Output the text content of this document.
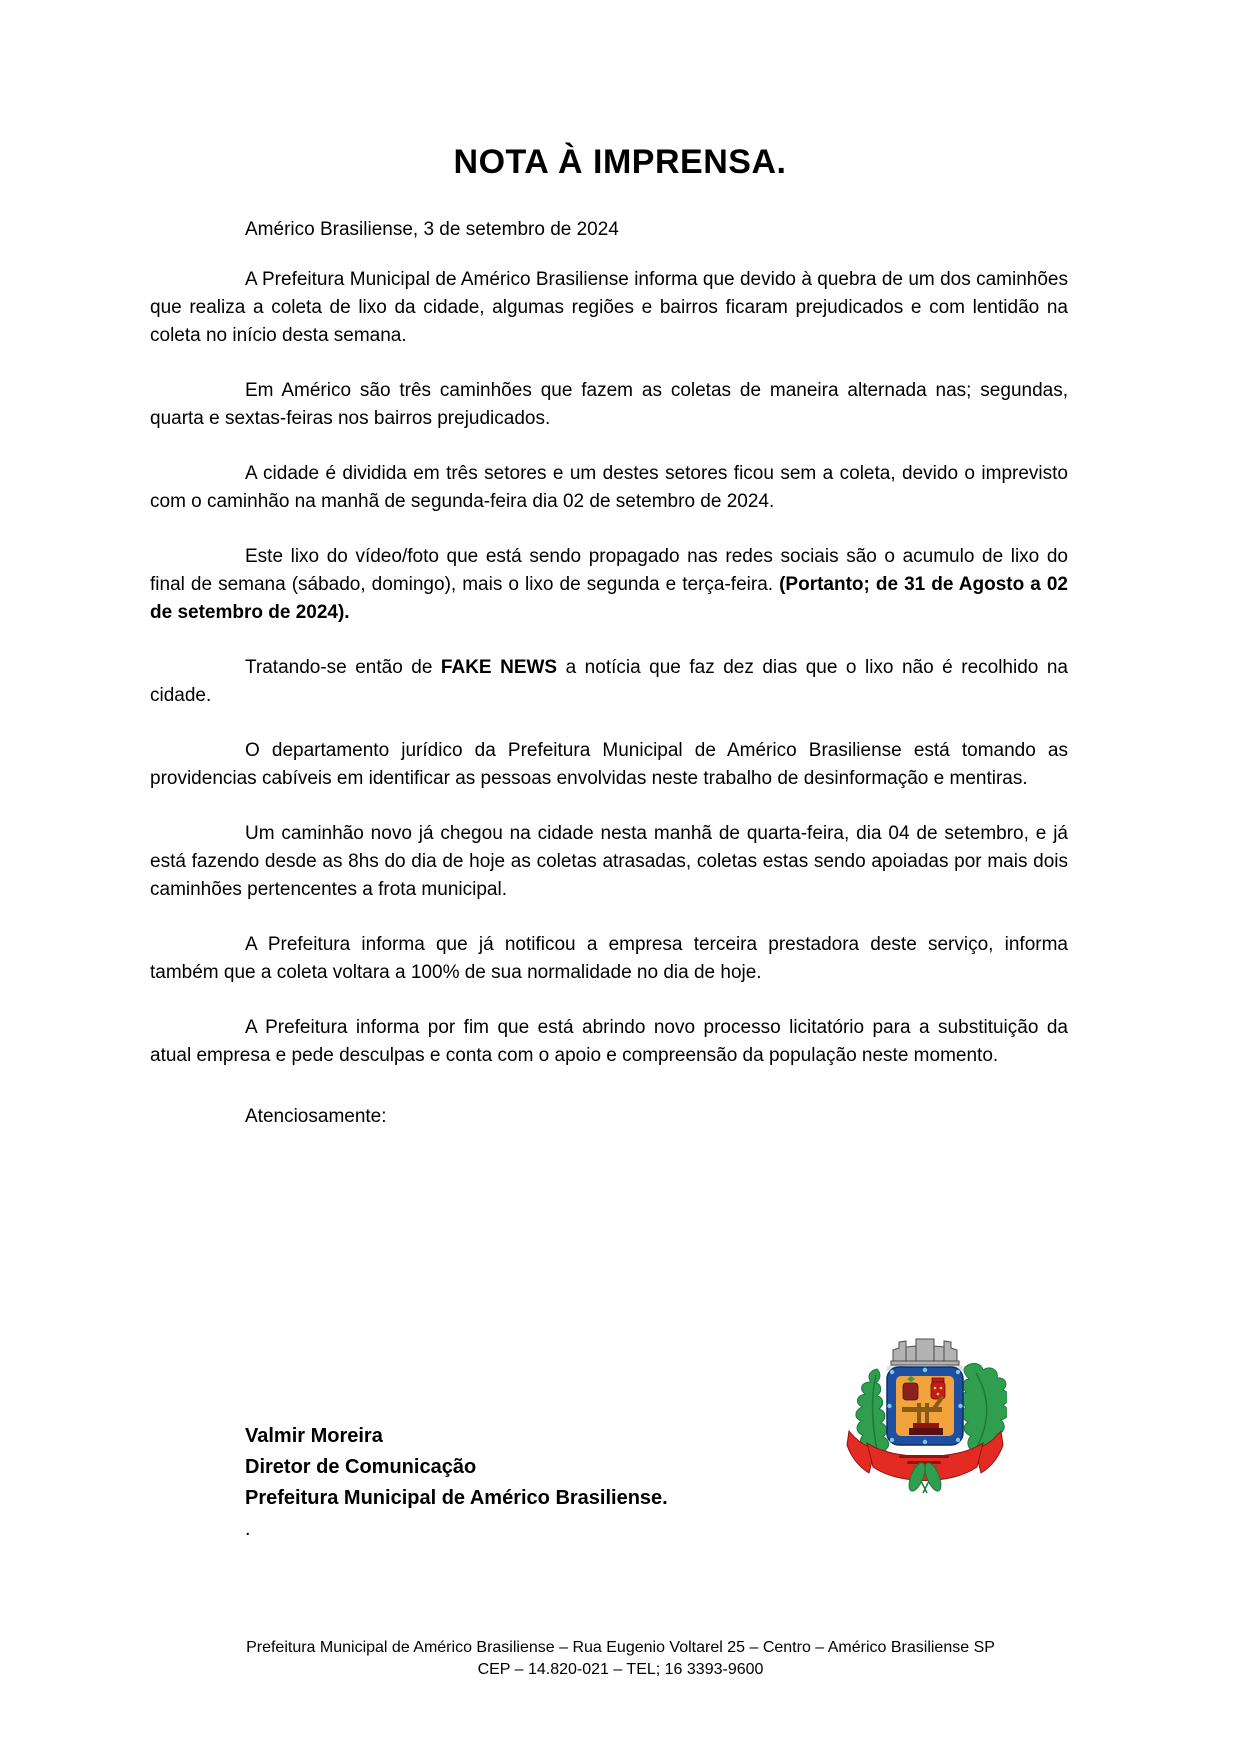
NOTA À IMPRENSA.

Américo Brasiliense, 3 de setembro de 2024

A Prefeitura Municipal de Américo Brasiliense informa que devido à quebra de um dos caminhões que realiza a coleta de lixo da cidade, algumas regiões e bairros ficaram prejudicados e com lentidão na coleta no início desta semana.

Em Américo são três caminhões que fazem as coletas de maneira alternada nas; segundas, quarta e sextas-feiras nos bairros prejudicados.

A cidade é dividida em três setores e um destes setores ficou sem a coleta, devido o imprevisto com o caminhão na manhã de segunda-feira dia 02 de setembro de 2024.

Este lixo do vídeo/foto que está sendo propagado nas redes sociais são o acumulo de lixo do final de semana (sábado, domingo), mais o lixo de segunda e terça-feira. (Portanto; de 31 de Agosto a 02 de setembro de 2024).

Tratando-se então de FAKE NEWS a notícia que faz dez dias que o lixo não é recolhido na cidade.

O departamento jurídico da Prefeitura Municipal de Américo Brasiliense está tomando as providencias cabíveis em identificar as pessoas envolvidas neste trabalho de desinformação e mentiras.

Um caminhão novo já chegou na cidade nesta manhã de quarta-feira, dia 04 de setembro, e já está fazendo desde as 8hs do dia de hoje as coletas atrasadas, coletas estas sendo apoiadas por mais dois caminhões pertencentes a frota municipal.

A Prefeitura informa que já notificou a empresa terceira prestadora deste serviço, informa também que a coleta voltara a 100% de sua normalidade no dia de hoje.

A Prefeitura informa por fim que está abrindo novo processo licitatório para a substituição da atual empresa e pede desculpas e conta com o apoio e compreensão da população neste momento.

Atenciosamente:

Valmir Moreira
Diretor de Comunicação
Prefeitura Municipal de Américo Brasiliense.
.
Prefeitura Municipal de Américo Brasiliense – Rua Eugenio Voltarel 25 – Centro – Américo Brasiliense SP
CEP – 14.820-021 – TEL; 16 3393-9600
